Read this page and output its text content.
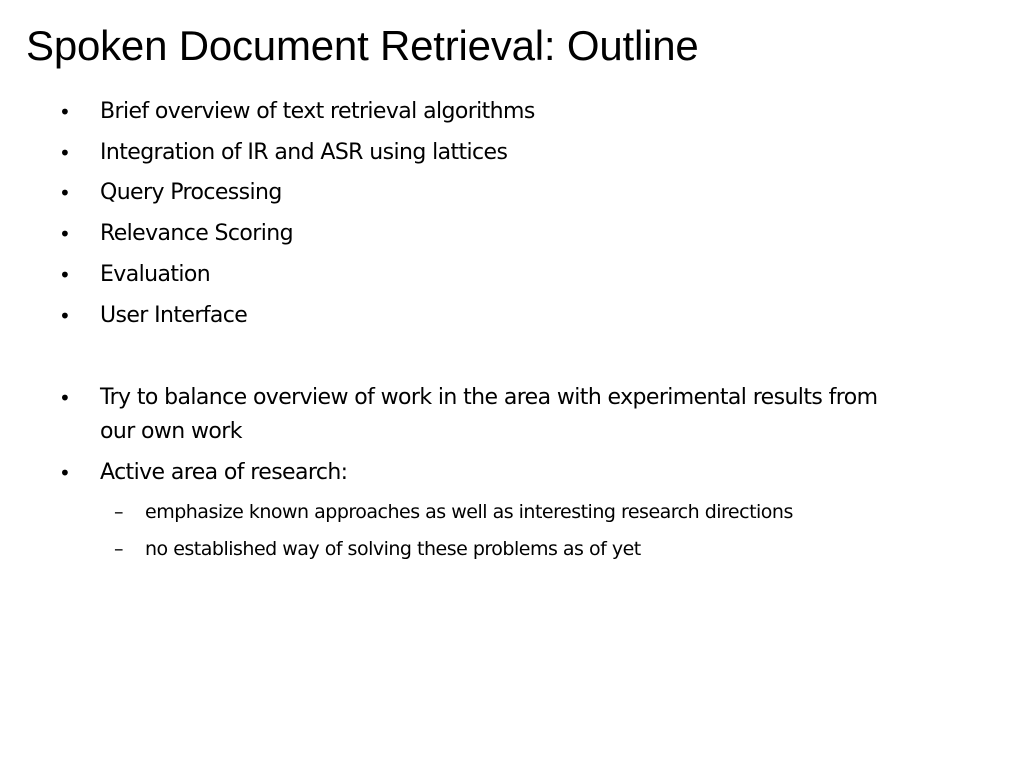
Spoken Document Retrieval: Outline
• Brief overview of text retrieval algorithms
• Integration of IR and ASR using lattices
• Query Processing
• Relevance Scoring
• Evaluation
• User Interface
• Try to balance overview of work in the area with experimental results from our own work
• Active area of research:
– emphasize known approaches as well as interesting research directions
– no established way of solving these problems as of yet
